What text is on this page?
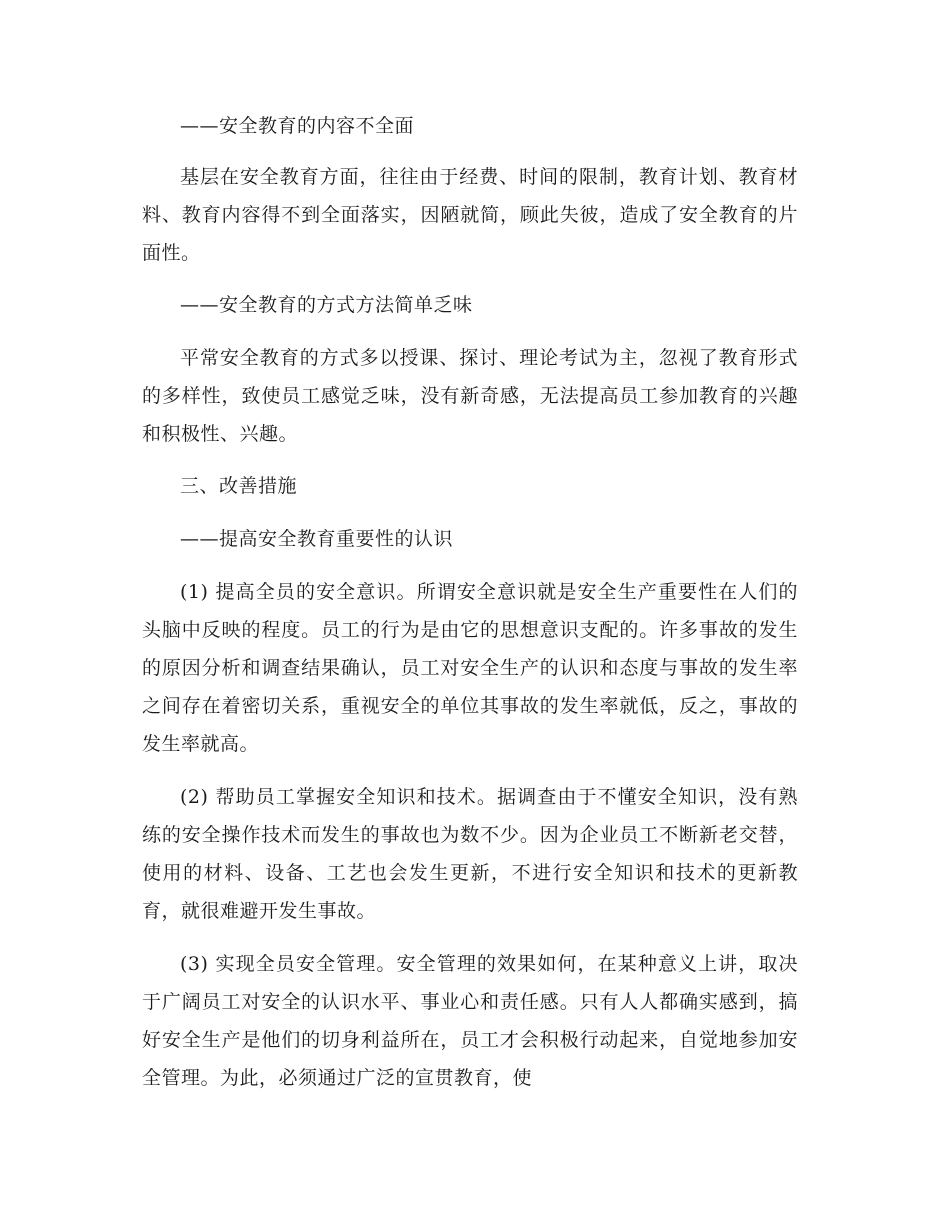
——安全教育的内容不全面
基层在安全教育方面，往往由于经费、时间的限制，教育计划、教育材料、教育内容得不到全面落实，因陋就简，顾此失彼，造成了安全教育的片面性。
——安全教育的方式方法简单乏味
平常安全教育的方式多以授课、探讨、理论考试为主，忽视了教育形式的多样性，致使员工感觉乏味，没有新奇感，无法提高员工参加教育的兴趣和积极性、兴趣。
三、改善措施
——提高安全教育重要性的认识
(1) 提高全员的安全意识。所谓安全意识就是安全生产重要性在人们的头脑中反映的程度。员工的行为是由它的思想意识支配的。许多事故的发生的原因分析和调查结果确认，员工对安全生产的认识和态度与事故的发生率之间存在着密切关系，重视安全的单位其事故的发生率就低，反之，事故的发生率就高。
(2) 帮助员工掌握安全知识和技术。据调查由于不懂安全知识，没有熟练的安全操作技术而发生的事故也为数不少。因为企业员工不断新老交替，使用的材料、设备、工艺也会发生更新，不进行安全知识和技术的更新教育，就很难避开发生事故。
(3) 实现全员安全管理。安全管理的效果如何，在某种意义上讲，取决于广阔员工对安全的认识水平、事业心和责任感。只有人人都确实感到，搞好安全生产是他们的切身利益所在，员工才会积极行动起来，自觉地参加安全管理。为此，必须通过广泛的宣贯教育，使
